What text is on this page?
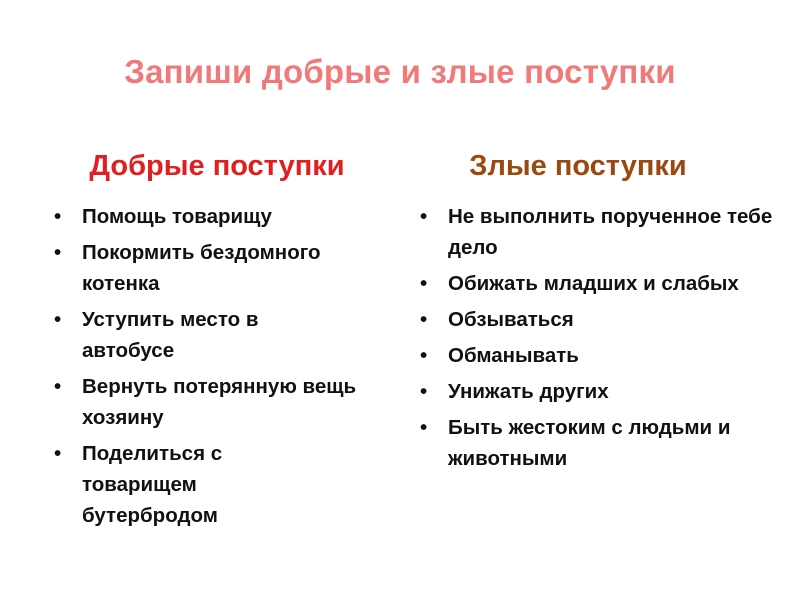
Запиши добрые и злые поступки
Добрые поступки
• Помощь товарищу
• Покормить бездомного котенка
• Уступить место в автобусе
• Вернуть потерянную вещь хозяину
• Поделиться с товарищем бутербродом
Злые поступки
• Не выполнить порученное тебе дело
• Обижать младших и слабых
• Обзываться
• Обманывать
• Унижать других
• Быть жестоким с людьми и животными
